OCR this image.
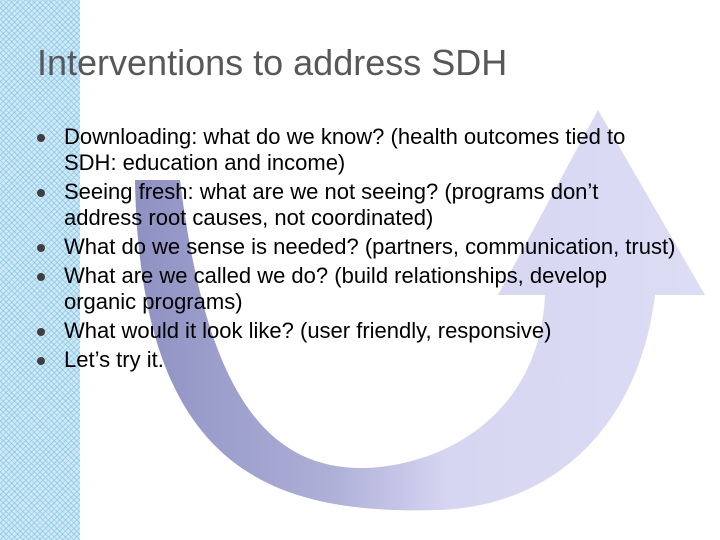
Interventions to address SDH
Downloading: what do we know? (health outcomes tied to SDH: education and income)
Seeing fresh: what are we not seeing? (programs don’t address root causes, not coordinated)
What do we sense is needed? (partners, communication, trust)
What are we called we do? (build relationships, develop organic programs)
What would it look like? (user friendly, responsive)
Let’s try it.
